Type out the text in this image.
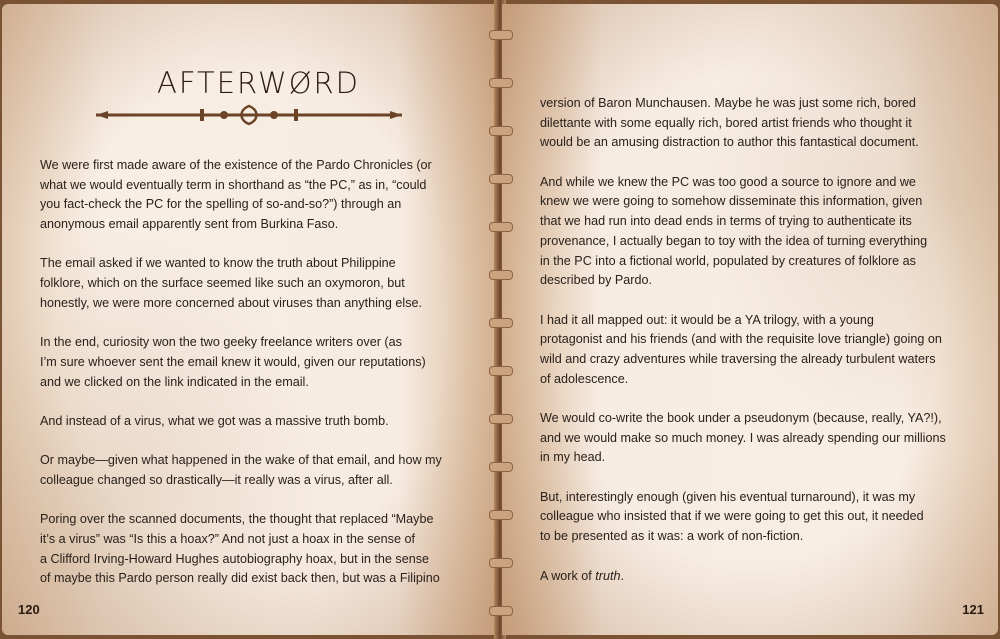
AFTERWØRD

We were first made aware of the existence of the Pardo Chronicles (or
what we would eventually term in shorthand as “the PC,” as in, “could
you fact-check the PC for the spelling of so-and-so?”) through an
anonymous email apparently sent from Burkina Faso.

The email asked if we wanted to know the truth about Philippine
folklore, which on the surface seemed like such an oxymoron, but
honestly, we were more concerned about viruses than anything else.

In the end, curiosity won the two geeky freelance writers over (as
I’m sure whoever sent the email knew it would, given our reputations)
and we clicked on the link indicated in the email.

And instead of a virus, what we got was a massive truth bomb.

Or maybe—given what happened in the wake of that email, and how my
colleague changed so drastically—it really was a virus, after all.

Poring over the scanned documents, the thought that replaced “Maybe
it’s a virus” was “Is this a hoax?” And not just a hoax in the sense of
a Clifford Irving-Howard Hughes autobiography hoax, but in the sense
of maybe this Pardo person really did exist back then, but was a Filipino

120

version of Baron Munchausen. Maybe he was just some rich, bored
dilettante with some equally rich, bored artist friends who thought it
would be an amusing distraction to author this fantastical document.

And while we knew the PC was too good a source to ignore and we
knew we were going to somehow disseminate this information, given
that we had run into dead ends in terms of trying to authenticate its
provenance, I actually began to toy with the idea of turning everything
in the PC into a fictional world, populated by creatures of folklore as
described by Pardo.

I had it all mapped out: it would be a YA trilogy, with a young
protagonist and his friends (and with the requisite love triangle) going on
wild and crazy adventures while traversing the already turbulent waters
of adolescence.

We would co-write the book under a pseudonym (because, really, YA?!),
and we would make so much money. I was already spending our millions
in my head.

But, interestingly enough (given his eventual turnaround), it was my
colleague who insisted that if we were going to get this out, it needed
to be presented as it was: a work of non-fiction.

A work of truth.

121
